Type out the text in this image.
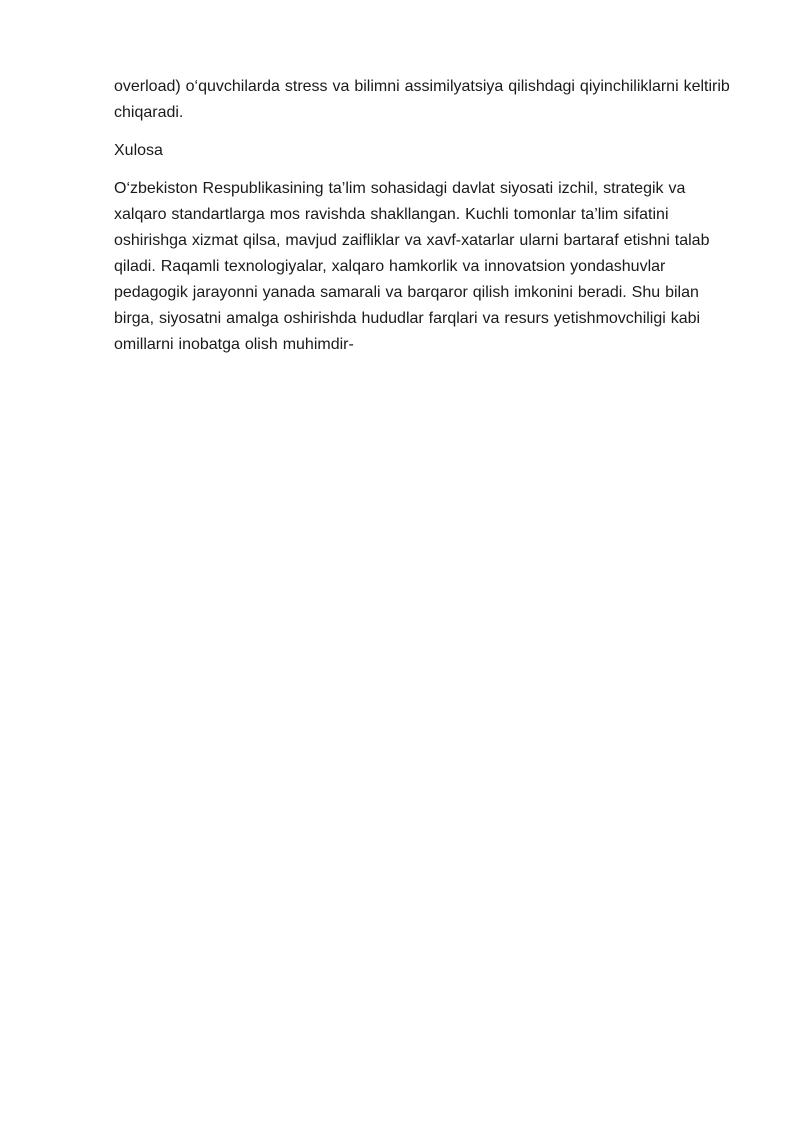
overload) o‘quvchilarda stress va bilimni assimilyatsiya qilishdagi qiyinchiliklarni keltirib chiqaradi.

Xulosa

O‘zbekiston Respublikasining ta’lim sohasidagi davlat siyosati izchil, strategik va xalqaro standartlarga mos ravishda shakllangan. Kuchli tomonlar ta’lim sifatini oshirishga xizmat qilsa, mavjud zaifliklar va xavf-xatarlar ularni bartaraf etishni talab qiladi. Raqamli texnologiyalar, xalqaro hamkorlik va innovatsion yondashuvlar pedagogik jarayonni yanada samarali va barqaror qilish imkonini beradi. Shu bilan birga, siyosatni amalga oshirishda hududlar farqlari va resurs yetishmovchiligi kabi omillarni inobatga olish muhimdir-
